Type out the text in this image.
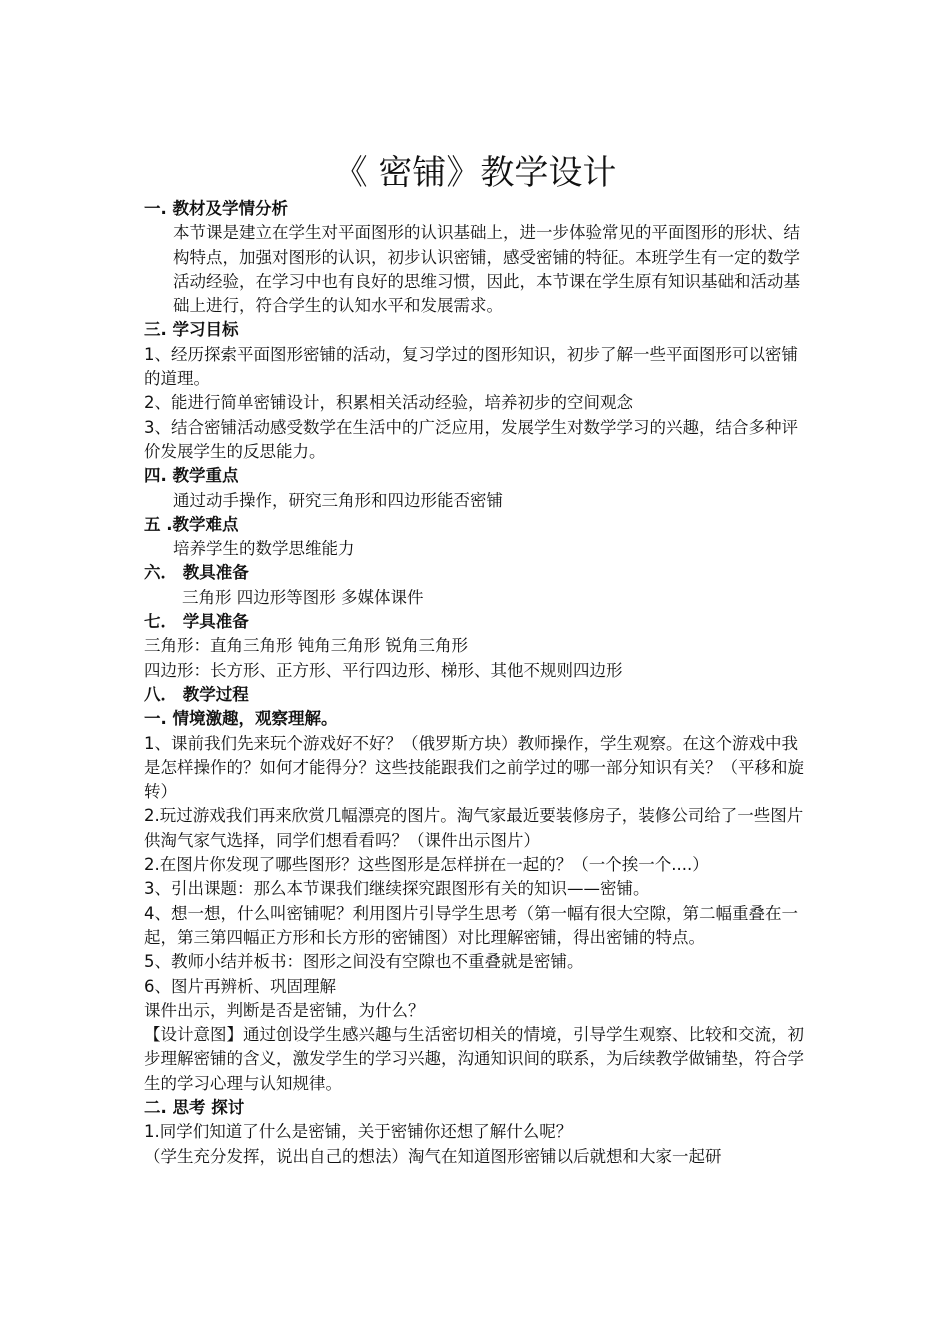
《 密铺》教学设计

一. 教材及学情分析

本节课是建立在学生对平面图形的认识基础上，进一步体验常见的平面图形的形状、结构特点，加强对图形的认识，初步认识密铺，感受密铺的特征。本班学生有一定的数学活动经验，在学习中也有良好的思维习惯，因此，本节课在学生原有知识基础和活动基础上进行，符合学生的认知水平和发展需求。

三. 学习目标

1、经历探索平面图形密铺的活动，复习学过的图形知识，初步了解一些平面图形可以密铺的道理。

2、能进行简单密铺设计，积累相关活动经验，培养初步的空间观念

3、结合密铺活动感受数学在生活中的广泛应用，发展学生对数学学习的兴趣，结合多种评价发展学生的反思能力。

四. 教学重点

通过动手操作，研究三角形和四边形能否密铺

五 .教学难点

培养学生的数学思维能力

六． 教具准备

三角形 四边形等图形 多媒体课件

七． 学具准备

三角形：直角三角形 钝角三角形 锐角三角形

四边形：长方形、正方形、平行四边形、梯形、其他不规则四边形

八． 教学过程

一. 情境激趣，观察理解。

1、课前我们先来玩个游戏好不好？（俄罗斯方块）教师操作，学生观察。在这个游戏中我是怎样操作的？如何才能得分？这些技能跟我们之前学过的哪一部分知识有关？（平移和旋转）

2.玩过游戏我们再来欣赏几幅漂亮的图片。淘气家最近要装修房子，装修公司给了一些图片供淘气家气选择，同学们想看看吗？（课件出示图片）

2.在图片你发现了哪些图形？这些图形是怎样拼在一起的？（一个挨一个....）

3、引出课题：那么本节课我们继续探究跟图形有关的知识——密铺。

4、想一想，什么叫密铺呢？利用图片引导学生思考（第一幅有很大空隙，第二幅重叠在一起，第三第四幅正方形和长方形的密铺图）对比理解密铺，得出密铺的特点。

5、教师小结并板书：图形之间没有空隙也不重叠就是密铺。

6、图片再辨析、巩固理解

课件出示，判断是否是密铺，为什么？

【设计意图】通过创设学生感兴趣与生活密切相关的情境，引导学生观察、比较和交流，初步理解密铺的含义，激发学生的学习兴趣，沟通知识间的联系，为后续教学做铺垫，符合学生的学习心理与认知规律。

二. 思考 探讨

1.同学们知道了什么是密铺，关于密铺你还想了解什么呢？

（学生充分发挥，说出自己的想法）淘气在知道图形密铺以后就想和大家一起研
